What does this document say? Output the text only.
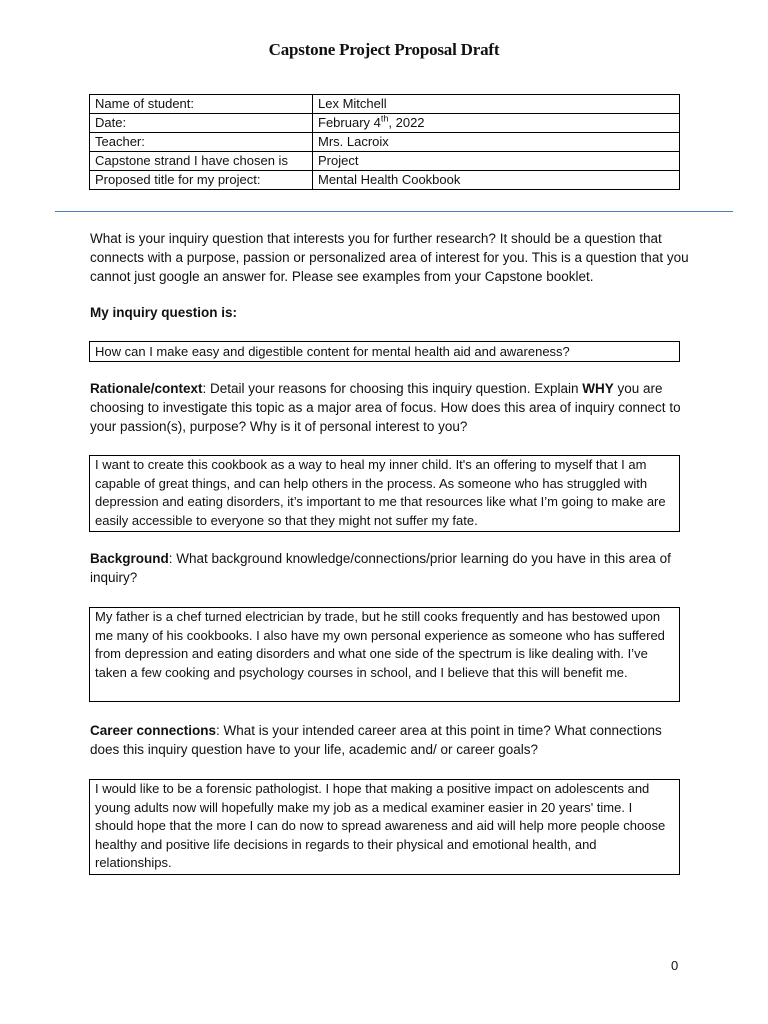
Capstone Project Proposal Draft
Name of student:	Lex Mitchell
Date:	February 4th, 2022
Teacher:	Mrs. Lacroix
Capstone strand I have chosen is	Project
Proposed title for my project:	Mental Health Cookbook
What is your inquiry question that interests you for further research? It should be a question that connects with a purpose, passion or personalized area of interest for you. This is a question that you cannot just google an answer for. Please see examples from your Capstone booklet.
My inquiry question is:
How can I make easy and digestible content for mental health aid and awareness?
Rationale/context: Detail your reasons for choosing this inquiry question. Explain WHY you are choosing to investigate this topic as a major area of focus. How does this area of inquiry connect to your passion(s), purpose? Why is it of personal interest to you?
I want to create this cookbook as a way to heal my inner child. It's an offering to myself that I am capable of great things, and can help others in the process. As someone who has struggled with depression and eating disorders, it’s important to me that resources like what I’m going to make are easily accessible to everyone so that they might not suffer my fate.
Background: What background knowledge/connections/prior learning do you have in this area of inquiry?
My father is a chef turned electrician by trade, but he still cooks frequently and has bestowed upon me many of his cookbooks. I also have my own personal experience as someone who has suffered from depression and eating disorders and what one side of the spectrum is like dealing with. I’ve taken a few cooking and psychology courses in school, and I believe that this will benefit me.
Career connections: What is your intended career area at this point in time? What connections does this inquiry question have to your life, academic and/ or career goals?
I would like to be a forensic pathologist. I hope that making a positive impact on adolescents and young adults now will hopefully make my job as a medical examiner easier in 20 years' time. I should hope that the more I can do now to spread awareness and aid will help more people choose healthy and positive life decisions in regards to their physical and emotional health, and relationships.
0
